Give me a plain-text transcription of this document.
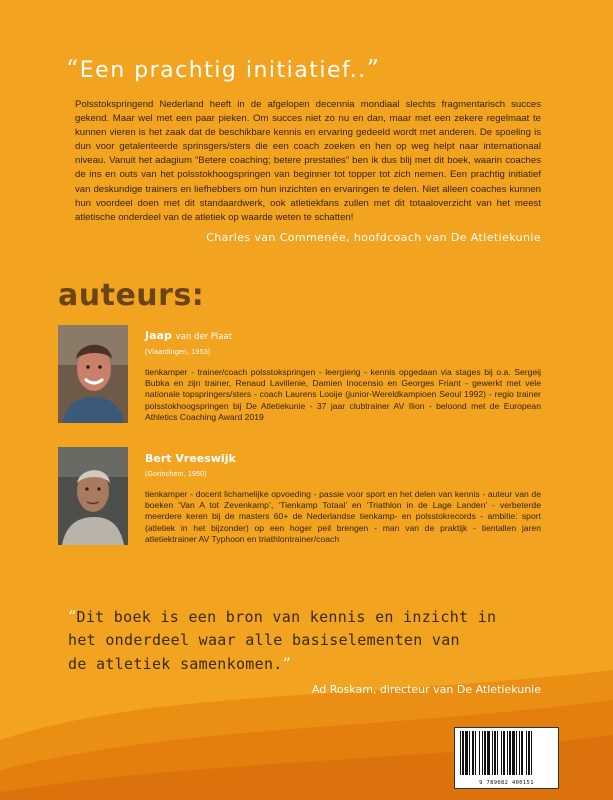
“Een prachtig initiatief..”
Polsstokspringend Nederland heeft in de afgelopen decennia mondiaal slechts fragmentarisch succes gekend. Maar wel met een paar pieken. Om succes niet zo nu en dan, maar met een zekere regelmaat te kunnen vieren is het zaak dat de beschikbare kennis en ervaring gedeeld wordt met anderen. De spoeling is dun voor getalenteerde sprinsgers/sters die een coach zoeken en hen op weg helpt naar internationaal niveau. Vanuit het adagium “Betere coaching; betere prestaties” ben ik dus blij met dit boek, waarin coaches de ins en outs van het polsstokhoogspringen van beginner tot topper tot zich nemen. Een prachtig initiatief van deskundige trainers en liefhebbers om hun inzichten en ervaringen te delen. Niet alleen coaches kunnen hun voordeel doen met dit standaardwerk, ook atletiekfans zullen met dit totaaloverzicht van het meest atletische onderdeel van de atletiek op waarde weten te schatten!
Charles van Commenée, hoofdcoach van De Atletiekunie
auteurs:
Jaap van der Plaat
(Vlaardingen, 1953)
tienkamper - trainer/coach polsstokspringen - leergierig - kennis opgedaan via stages bij o.a. Sergeij Bubka en zijn trainer, Renaud Lavillenie, Damien Inocensio en Georges Friant - gewerkt met vele nationale topspringers/sters - coach Laurens Looije (junior-Wereldkampioen Seoul 1992) - regio trainer polsstokhoogspringen bij De Atletiekunie - 37 jaar clubtrainer AV Ilion - beloond met de European Athletics Coaching Award 2019
Bert Vreeswijk
(Gorinchem, 1950)
tienkamper - docent lichamelijke opvoeding - passie voor sport en het delen van kennis - auteur van de boeken ‘Van A tot Zevenkamp’, ‘Tienkamp Totaal’ en ‘Triathlon in de Lage Landen’ - verbeterde meerdere keren bij de masters 60+ de Nederlandse tienkamp- en polsstokrecords - ambitie: sport (atletiek in het bijzonder) op een hoger peil brengen - man van de praktijk - tientallen jaren atletiektrainer AV Typhoon en triathlontrainer/coach
“Dit boek is een bron van kennis en inzicht in
het onderdeel waar alle basiselementen van
de atletiek samenkomen.”
Ad Roskam, directeur van De Atletiekunie
9 789082 400151
